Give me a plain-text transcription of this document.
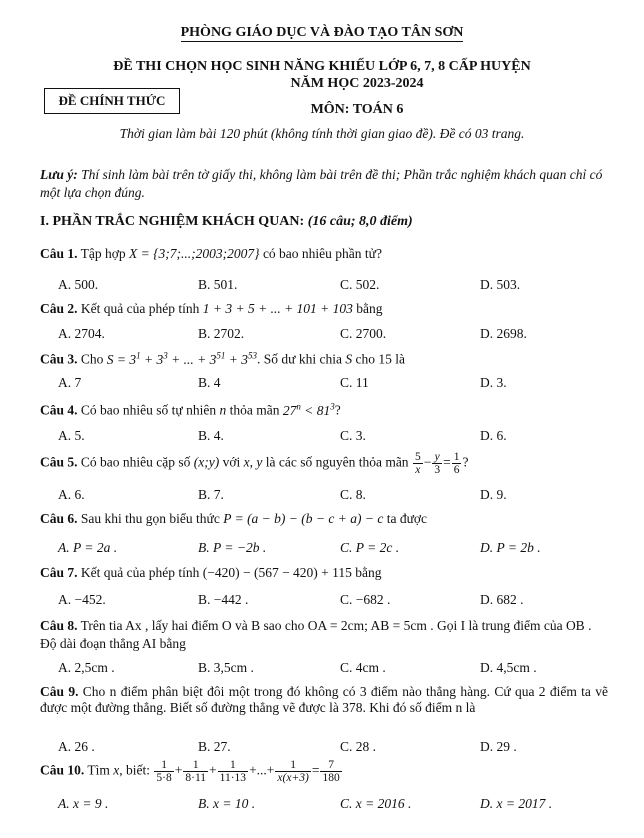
PHÒNG GIÁO DỤC VÀ ĐÀO TẠO TÂN SƠN
ĐỀ THI CHỌN HỌC SINH NĂNG KHIẾU LỚP 6, 7, 8 CẤP HUYỆN
NĂM HỌC 2023-2024
ĐỀ CHÍNH THỨC
MÔN: TOÁN 6
Thời gian làm bài 120 phút (không tính thời gian giao đề). Đề có 03 trang.
Lưu ý: Thí sinh làm bài trên tờ giấy thi, không làm bài trên đề thi; Phần trắc nghiệm khách quan chỉ có một lựa chọn đúng.
I. PHẦN TRẮC NGHIỆM KHÁCH QUAN: (16 câu; 8,0 điểm)
Câu 1. Tập hợp X = {3;7;...;2003;2007} có bao nhiêu phần tử?
A. 500.	B. 501.	C. 502.	D. 503.
Câu 2. Kết quả của phép tính 1 + 3 + 5 + ... + 101 + 103 bằng
A. 2704.	B. 2702.	C. 2700.	D. 2698.
Câu 3. Cho $S = 3^1 + 3^3$ + ... + $3^{51} + 3^{53}$. Số dư khi chia S cho 15 là
A. 7	B. 4	C. 11	D. 3.
Câu 4. Có bao nhiêu số tự nhiên n thỏa mãn $27^n < 81^3$?
A. 5.	B. 4.	C. 3.	D. 6.
Câu 5. Có bao nhiêu cặp số (x;y) với x, y là các số nguyên thỏa mãn $\frac{5}{x} - \frac{y}{3} = \frac{1}{6}$ ?
A. 6.	B. 7.	C. 8.	D. 9.
Câu 6. Sau khi thu gọn biểu thức P = (a − b) − (b − c + a) − c ta được
A. P = 2a .	B. P = −2b .	C. P = 2c .	D. P = 2b .
Câu 7. Kết quả của phép tính (−420) − (567 − 420) + 115 bằng
A. −452.	B. −442 .	C. −682 .	D. 682 .
Câu 8. Trên tia Ax , lấy hai điểm O và B sao cho OA = 2cm; AB = 5cm . Gọi I là trung điểm của OB . Độ dài đoạn thẳng AI bằng
A. 2,5cm .	B. 3,5cm .	C. 4cm .	D. 4,5cm .
Câu 9. Cho n điểm phân biệt đôi một trong đó không có 3 điểm nào thẳng hàng. Cứ qua 2 điểm ta vẽ được một đường thẳng. Biết số đường thẳng vẽ được là 378. Khi đó số điểm n là
A. 26 .	B. 27.	C. 28 .	D. 29 .
Câu 10. Tìm x, biết: $\frac{1}{5\cdot 8} + \frac{1}{8\cdot 11} + \frac{1}{11\cdot 13}$ +...+ $\frac{1}{x(x+3)} = \frac{7}{180}$
A. x = 9 .	B. x = 10 .	C. x = 2016 .	D. x = 2017 .
